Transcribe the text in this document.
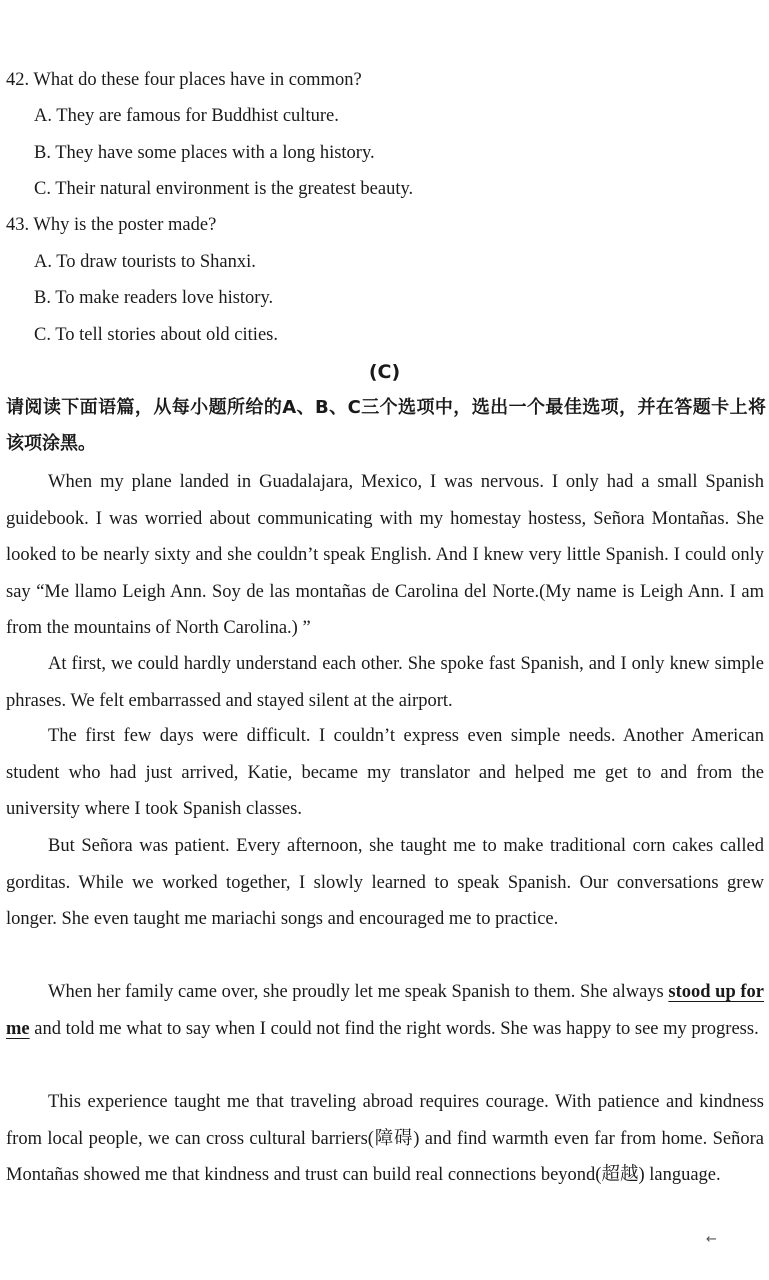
42. What do these four places have in common?
A. They are famous for Buddhist culture.
B. They have some places with a long history.
C. Their natural environment is the greatest beauty.
43. Why is the poster made?
A. To draw tourists to Shanxi.
B. To make readers love history.
C. To tell stories about old cities.
(C)
请阅读下面语篇，从每小题所给的A、B、C三个选项中，选出一个最佳选项，并在答题卡上将该项涂黑。
When my plane landed in Guadalajara, Mexico, I was nervous. I only had a small Spanish guidebook. I was worried about communicating with my homestay hostess, Señora Montañas. She looked to be nearly sixty and she couldn’t speak English. And I knew very little Spanish. I could only say “Me llamo Leigh Ann. Soy de las montañas de Carolina del Norte.(My name is Leigh Ann. I am from the mountains of North Carolina.) ”
At first, we could hardly understand each other. She spoke fast Spanish, and I only knew simple phrases. We felt embarrassed and stayed silent at the airport.
The first few days were difficult. I couldn’t express even simple needs. Another American student who had just arrived, Katie, became my translator and helped me get to and from the university where I took Spanish classes.
But Señora was patient. Every afternoon, she taught me to make traditional corn cakes called gorditas. While we worked together, I slowly learned to speak Spanish. Our conversations grew longer. She even taught me mariachi songs and encouraged me to practice.
When her family came over, she proudly let me speak Spanish to them. She always stood up for me and told me what to say when I could not find the right words. She was happy to see my progress.
This experience taught me that traveling abroad requires courage. With patience and kindness from local people, we can cross cultural barriers(障碍) and find warmth even far from home. Señora Montañas showed me that kindness and trust can build real connections beyond(超越) language.
←
